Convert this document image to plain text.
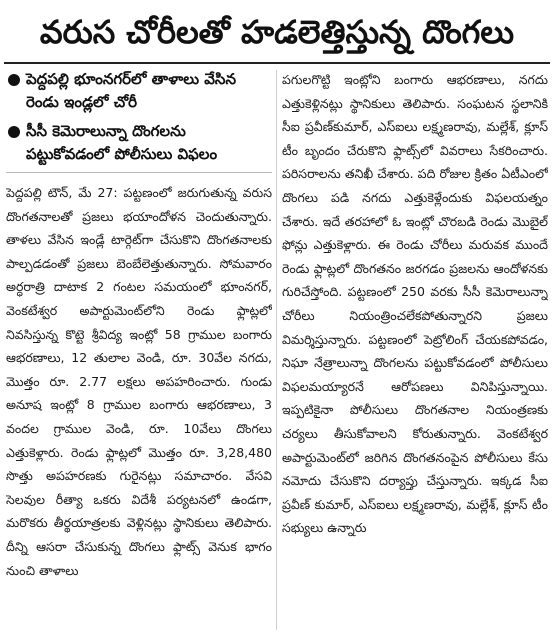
వరుస చోరీలతో హడలెత్తిస్తున్న దొంగలు
పెద్దపల్లి భూంనగర్‌లో తాళాలు వేసిన రెండు ఇండ్లలో చోరీ
సీసీ కెమెరాలున్నా దొంగలను పట్టుకోవడంలో పోలీసులు విఫలం
పెద్దపల్లి టౌన్‌, మే 27: పట్టణంలో జరుగుతున్న వరుస దొంగతనాలతో ప్రజలు భయాందోళన చెందుతున్నారు. తాళలు వేసిన ఇండ్లే టార్గెట్‌గా చేసుకొని దొంగతనాలకు పాల్పడడంతో ప్రజలు బెంబేలెత్తుతున్నారు. సోమవారం అర్ధరాత్రి దాటాక 2 గంటల సమయంలో భూంనగర్‌, వెంకటేశ్వర అపార్టుమెంట్‌లోని రెండు ఫ్లాట్లలో నివసిస్తున్న కొట్టె శ్రీవిద్య ఇంట్లో 58 గ్రాముల బంగారు ఆభరణాలు, 12 తులాల వెండి, రూ. 30వేల నగదు, మొత్తం రూ. 2.77 లక్షలు అపహరించారు. గుండు అనూష ఇంట్లో 8 గ్రాముల బంగారు ఆభరణాలు, 3 వందల గ్రాముల వెండి, రూ. 10వేలు దొంగలు ఎత్తుకెళ్లారు. రెండు ఫ్లాట్లలో మొత్తం రూ. 3,28,480 సొత్తు అపహరణకు గురైనట్లు సమాచారం. వేసవి సెలవుల రీత్యా ఒకరు విదేశీ పర్యటనలో ఉండగా, మరొకరు తీర్థయాత్రలకు వెళ్లినట్లు స్థానికులు తెలిపారు. దీన్ని ఆసరా చేసుకున్న దొంగలు ఫ్లాట్స్‌ వెనుక భాగం నుంచి తాళాలు
పగులగొట్టి ఇంట్లోని బంగారు ఆభరణాలు, నగదు ఎత్తుకెళ్లినట్లు స్థానికులు తెలిపారు. సంఘటన స్థలానికి సీఐ ప్రవీణ్‌కుమార్‌, ఎస్‌ఐలు లక్ష్మణరావు, మల్లేశ్‌, క్లూస్‌ టీం బృందం చేరుకొని ఫ్లాట్స్‌లో వివరాలు సేకరించారు. పరిసరాలను తనిఖీ చేశారు. పది రోజుల క్రితం ఏటీఎంలో దొంగలు పడి నగదు ఎత్తుకెళ్లేందుకు విఫలయత్నం చేశారు. ఇదే తరహాలో ఓ ఇంట్లో చొరబడి రెండు మొబైల్‌ ఫోన్లు ఎత్తుకెళ్లారు. ఈ రెండు చోరీలు మరువక ముందే రెండు ఫ్లాట్లలో దొంగతనం జరగడం ప్రజలను ఆందోళనకు గురిచేస్తోంది. పట్టణంలో 250 వరకు సీసీ కెమెరాలున్నా చోరీలు నియంత్రించలేకపోతున్నారని ప్రజలు విమర్శిస్తున్నారు. పట్టణంలో పెట్రోలింగ్‌ చేయకపోవడం, నిఘా నేత్రాలున్నా దొంగలను పట్టుకోవడంలో పోలీసులు విఫలమయ్యారనే ఆరోపణలు వినిపిస్తున్నాయి. ఇప్పటికైనా పోలీసులు దొంగతనాల నియంత్రణకు చర్యలు తీసుకోవాలని కోరుతున్నారు. వెంకటేశ్వర అపార్టుమెంట్‌లో జరిగిన దొంగతనంపైన పోలీసులు కేసు నమోదు చేసుకొని దర్యాప్తు చేస్తున్నారు. ఇక్కడ సీఐ ప్రవీణ్‌ కుమార్‌, ఎస్‌ఐలు లక్ష్మణరావు, మల్లేశ్‌, క్లూస్‌ టీం సభ్యులు ఉన్నారు
